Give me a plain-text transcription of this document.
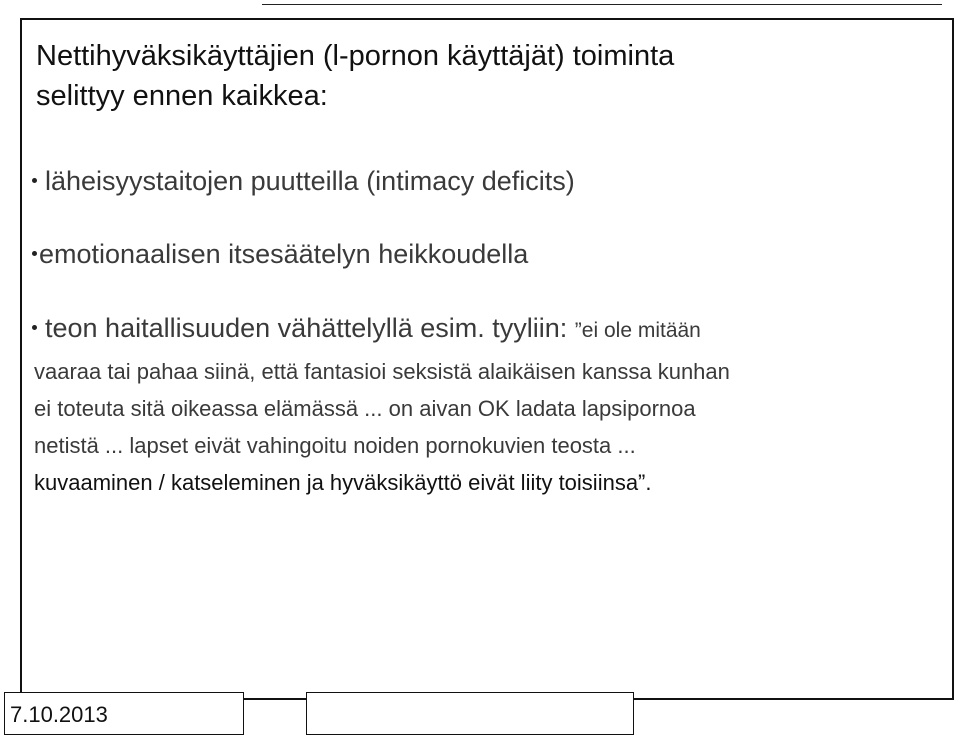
Nettihyväksikäyttäjien (l-pornon käyttäjät) toiminta
selittyy ennen kaikkea:
läheisyystaitojen puutteilla (intimacy deficits)
emotionaalisen itsesäätelyn heikkoudella
teon haitallisuuden vähättelyllä esim. tyyliin: ”ei ole mitään
vaaraa tai pahaa siinä, että fantasioi seksistä alaikäisen kanssa kunhan
ei toteuta sitä oikeassa elämässä ... on aivan OK ladata lapsipornoa
netistä ... lapset eivät vahingoitu noiden pornokuvien teosta ...
kuvaaminen / katseleminen ja hyväksikäyttö eivät liity toisiinsa”.
7.10.2013
